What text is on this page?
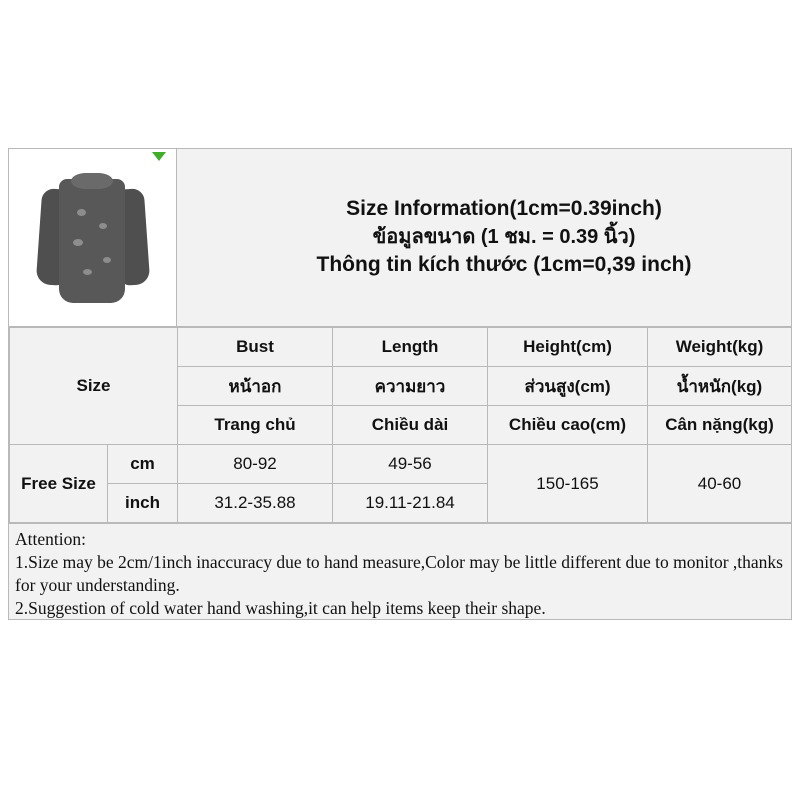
Size Information(1cm=0.39inch)
ข้อมูลขนาด (1 ชม. = 0.39 นิ้ว)
Thông tin kích thước (1cm=0,39 inch)
Size		Bust	Length	Height(cm)	Weight(kg)
		หน้าอก	ความยาว	ส่วนสูง(cm)	น้ำหนัก(kg)
		Trang chủ	Chiều dài	Chiều cao(cm)	Cân nặng(kg)
Free Size	cm	80-92	49-56	150-165	40-60
	inch	31.2-35.88	19.11-21.84		

Attention:

1.Size may be 2cm/1inch inaccuracy due to hand measure,Color may be little different due to monitor ,thanks for your understanding.

2.Suggestion of cold water hand washing,it can help items keep their shape.
